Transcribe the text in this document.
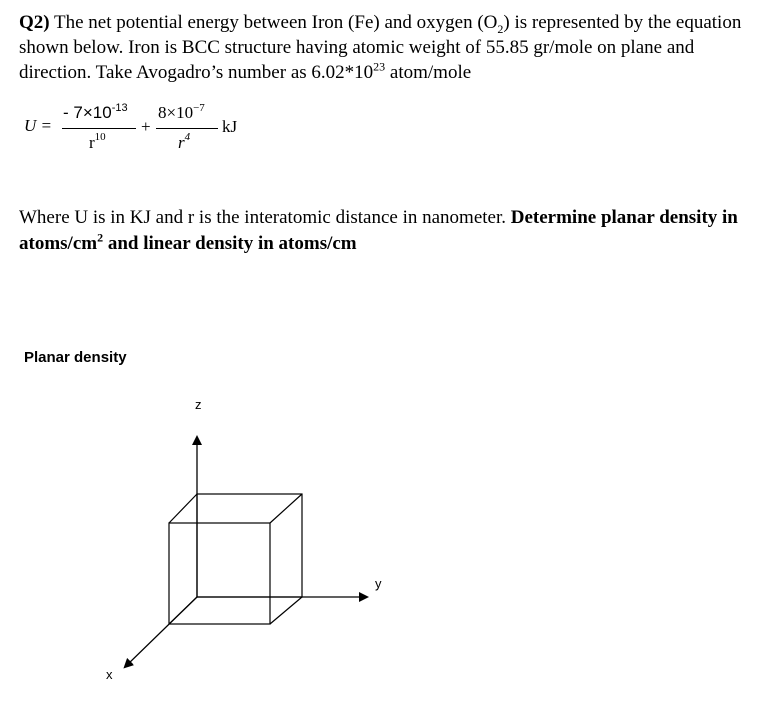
Q2) The net potential energy between Iron (Fe) and oxygen $(O_2)$ is represented by the equation shown below. Iron is BCC structure having atomic weight of 55.85 gr/mole on plane and direction. Take Avogadro’s number as $6.02*10^{23}$ atom/mole
U =
- $7\times 10^{-13}$
$r^{10}$
+
$8\times 10^{-7}$
$r^4$
kJ
Where U is in KJ and r is the interatomic distance in nanometer. Determine planar density in atoms/$cm^2$ and linear density in atoms/cm
Planar density
z
y
x
